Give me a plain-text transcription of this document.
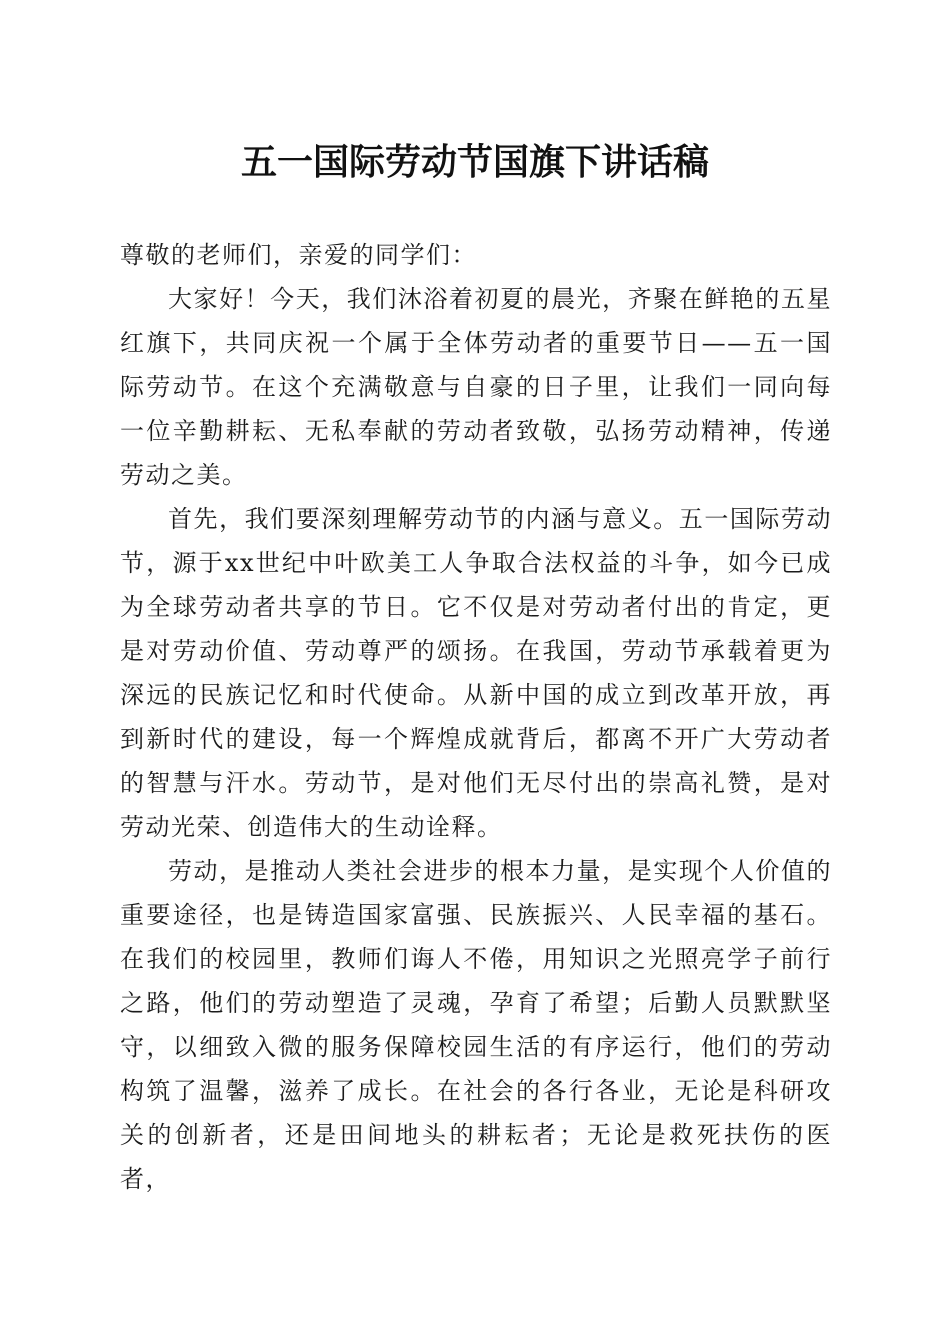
五一国际劳动节国旗下讲话稿

尊敬的老师们，亲爱的同学们：

大家好！今天，我们沐浴着初夏的晨光，齐聚在鲜艳的五星红旗下，共同庆祝一个属于全体劳动者的重要节日——五一国际劳动节。在这个充满敬意与自豪的日子里，让我们一同向每一位辛勤耕耘、无私奉献的劳动者致敬，弘扬劳动精神，传递劳动之美。

首先，我们要深刻理解劳动节的内涵与意义。五一国际劳动节，源于xx世纪中叶欧美工人争取合法权益的斗争，如今已成为全球劳动者共享的节日。它不仅是对劳动者付出的肯定，更是对劳动价值、劳动尊严的颂扬。在我国，劳动节承载着更为深远的民族记忆和时代使命。从新中国的成立到改革开放，再到新时代的建设，每一个辉煌成就背后，都离不开广大劳动者的智慧与汗水。劳动节，是对他们无尽付出的崇高礼赞，是对劳动光荣、创造伟大的生动诠释。

劳动，是推动人类社会进步的根本力量，是实现个人价值的重要途径，也是铸造国家富强、民族振兴、人民幸福的基石。在我们的校园里，教师们诲人不倦，用知识之光照亮学子前行之路，他们的劳动塑造了灵魂，孕育了希望；后勤人员默默坚守，以细致入微的服务保障校园生活的有序运行，他们的劳动构筑了温馨，滋养了成长。在社会的各行各业，无论是科研攻关的创新者，还是田间地头的耕耘者；无论是救死扶伤的医者，
